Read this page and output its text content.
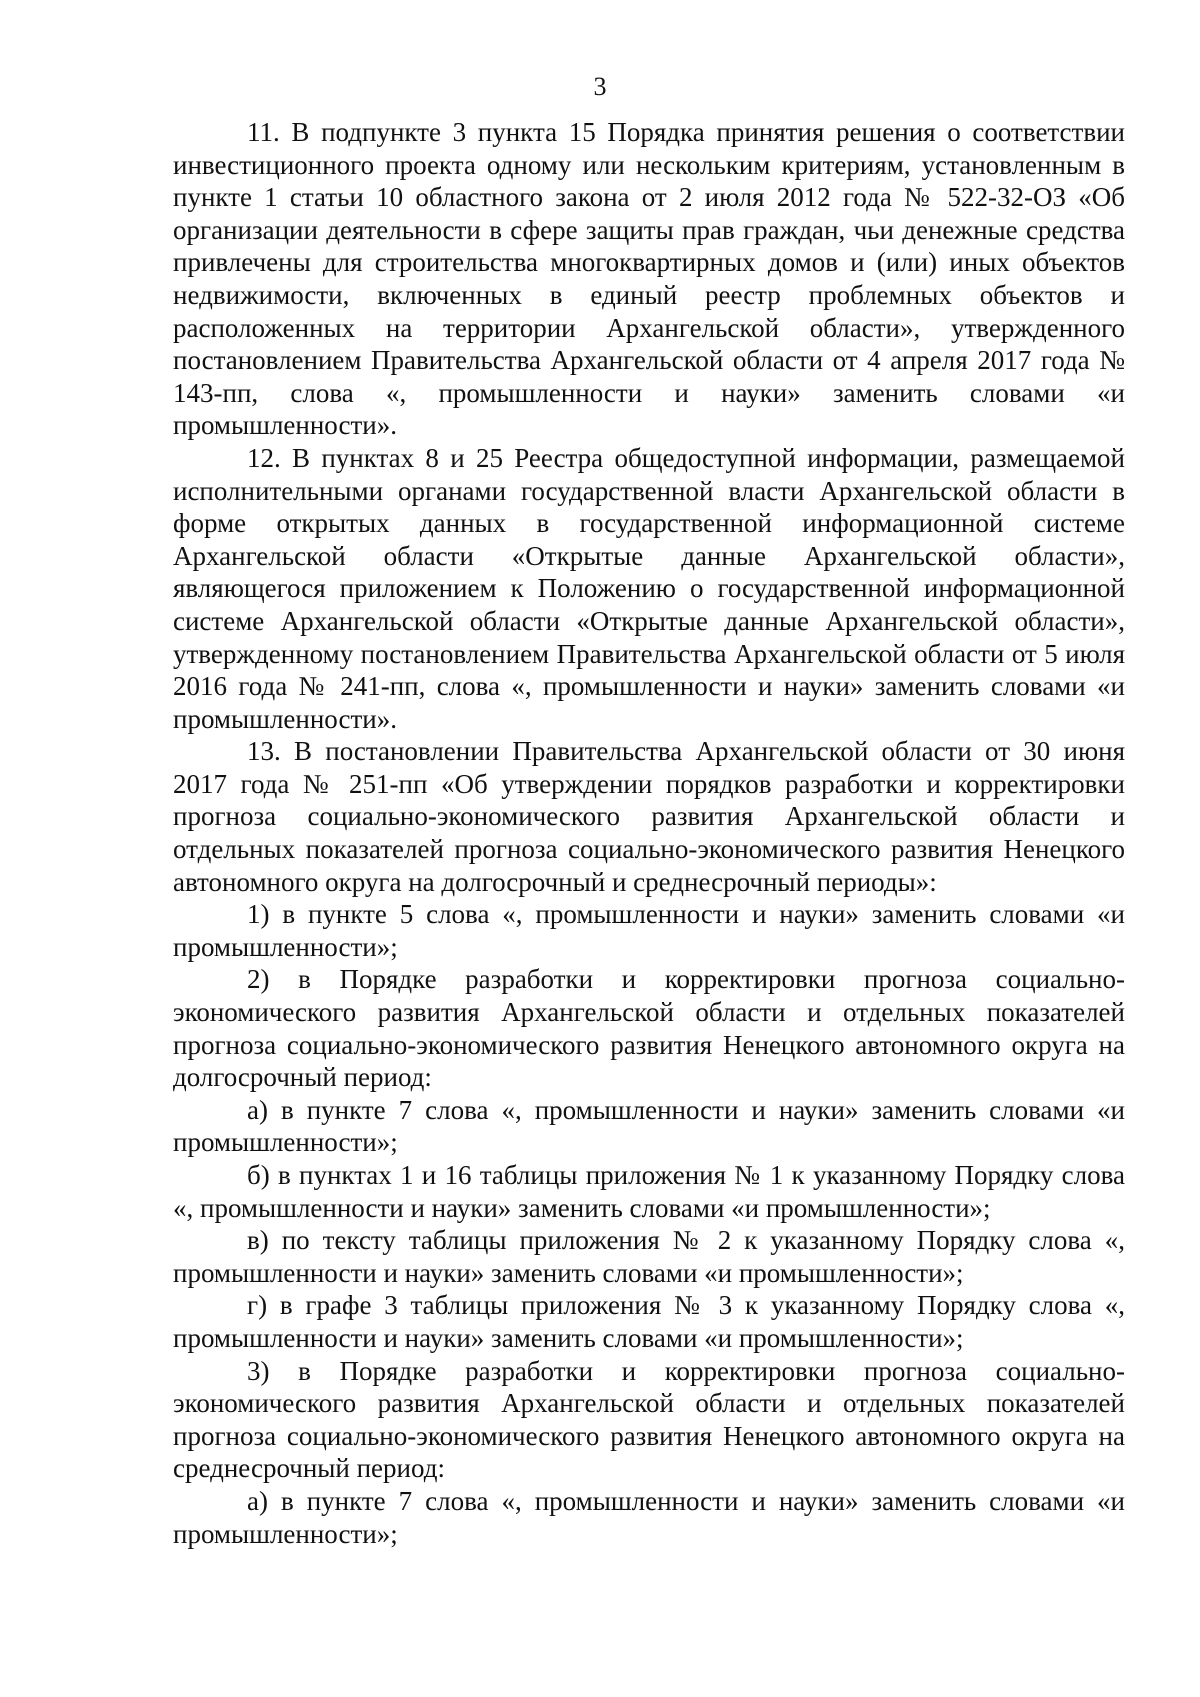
3

11. В подпункте 3 пункта 15 Порядка принятия решения о соответствии инвестиционного проекта одному или нескольким критериям, установленным в пункте 1 статьи 10 областного закона от 2 июля 2012 года № 522-32-ОЗ «Об организации деятельности в сфере защиты прав граждан, чьи денежные средства привлечены для строительства многоквартирных домов и (или) иных объектов недвижимости, включенных в единый реестр проблемных объектов и расположенных на территории Архангельской области», утвержденного постановлением Правительства Архангельской области от 4 апреля 2017 года № 143-пп, слова «, промышленности и науки» заменить словами «и промышленности».

12. В пунктах 8 и 25 Реестра общедоступной информации, размещаемой исполнительными органами государственной власти Архангельской области в форме открытых данных в государственной информационной системе Архангельской области «Открытые данные Архангельской области», являющегося приложением к Положению о государственной информационной системе Архангельской области «Открытые данные Архангельской области», утвержденному постановлением Правительства Архангельской области от 5 июля 2016 года № 241-пп, слова «, промышленности и науки» заменить словами «и промышленности».

13. В постановлении Правительства Архангельской области от 30 июня 2017 года № 251-пп «Об утверждении порядков разработки и корректировки прогноза социально-экономического развития Архангельской области и отдельных показателей прогноза социально-экономического развития Ненецкого автономного округа на долгосрочный и среднесрочный периоды»:

1) в пункте 5 слова «, промышленности и науки» заменить словами «и промышленности»;

2) в Порядке разработки и корректировки прогноза социально-экономического развития Архангельской области и отдельных показателей прогноза социально-экономического развития Ненецкого автономного округа на долгосрочный период:

а) в пункте 7 слова «, промышленности и науки» заменить словами «и промышленности»;

б) в пунктах 1 и 16 таблицы приложения № 1 к указанному Порядку слова «, промышленности и науки» заменить словами «и промышленности»;

в) по тексту таблицы приложения № 2 к указанному Порядку слова «, промышленности и науки» заменить словами «и промышленности»;

г) в графе 3 таблицы приложения № 3 к указанному Порядку слова «, промышленности и науки» заменить словами «и промышленности»;

3) в Порядке разработки и корректировки прогноза социально-экономического развития Архангельской области и отдельных показателей прогноза социально-экономического развития Ненецкого автономного округа на среднесрочный период:

а) в пункте 7 слова «, промышленности и науки» заменить словами «и промышленности»;
